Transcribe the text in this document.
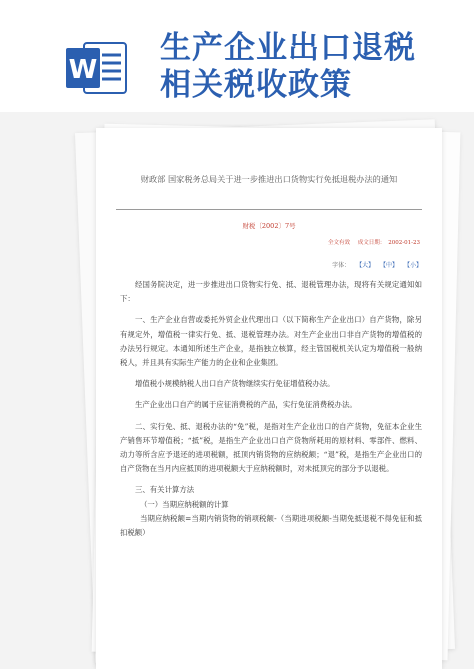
W
生产企业出口退税
相关税收政策
财政部 国家税务总局关于进一步推进出口货物实行免抵退税办法的通知
财税〔2002〕7号
全文有效 成文日期： 2002-01-23
字体： 【大】 【中】 【小】

经国务院决定，进一步推进出口货物实行免、抵、退税管理办法，现将有关规定通知如下：

一、生产企业自营或委托外贸企业代理出口（以下简称生产企业出口）自产货物，除另有规定外，增值税一律实行免、抵、退税管理办法。对生产企业出口非自产货物的增值税的办法另行规定。本通知所述生产企业，是指独立核算，经主管国税机关认定为增值税一般纳税人，并且具有实际生产能力的企业和企业集团。

增值税小规模纳税人出口自产货物继续实行免征增值税办法。

生产企业出口自产的属于应征消费税的产品，实行免征消费税办法。

二、实行免、抵、退税办法的“免”税，是指对生产企业出口的自产货物，免征本企业生产销售环节增值税；“抵”税，是指生产企业出口自产货物所耗用的原材料、零部件、燃料、动力等所含应予退还的进项税额，抵顶内销货物的应纳税额；“退”税，是指生产企业出口的自产货物在当月内应抵顶的进项税额大于应纳税额时，对未抵顶完的部分予以退税。

三、有关计算方法

（一）当期应纳税额的计算

当期应纳税额=当期内销货物的销项税额-（当期进项税额-当期免抵退税不得免征和抵扣税额）
